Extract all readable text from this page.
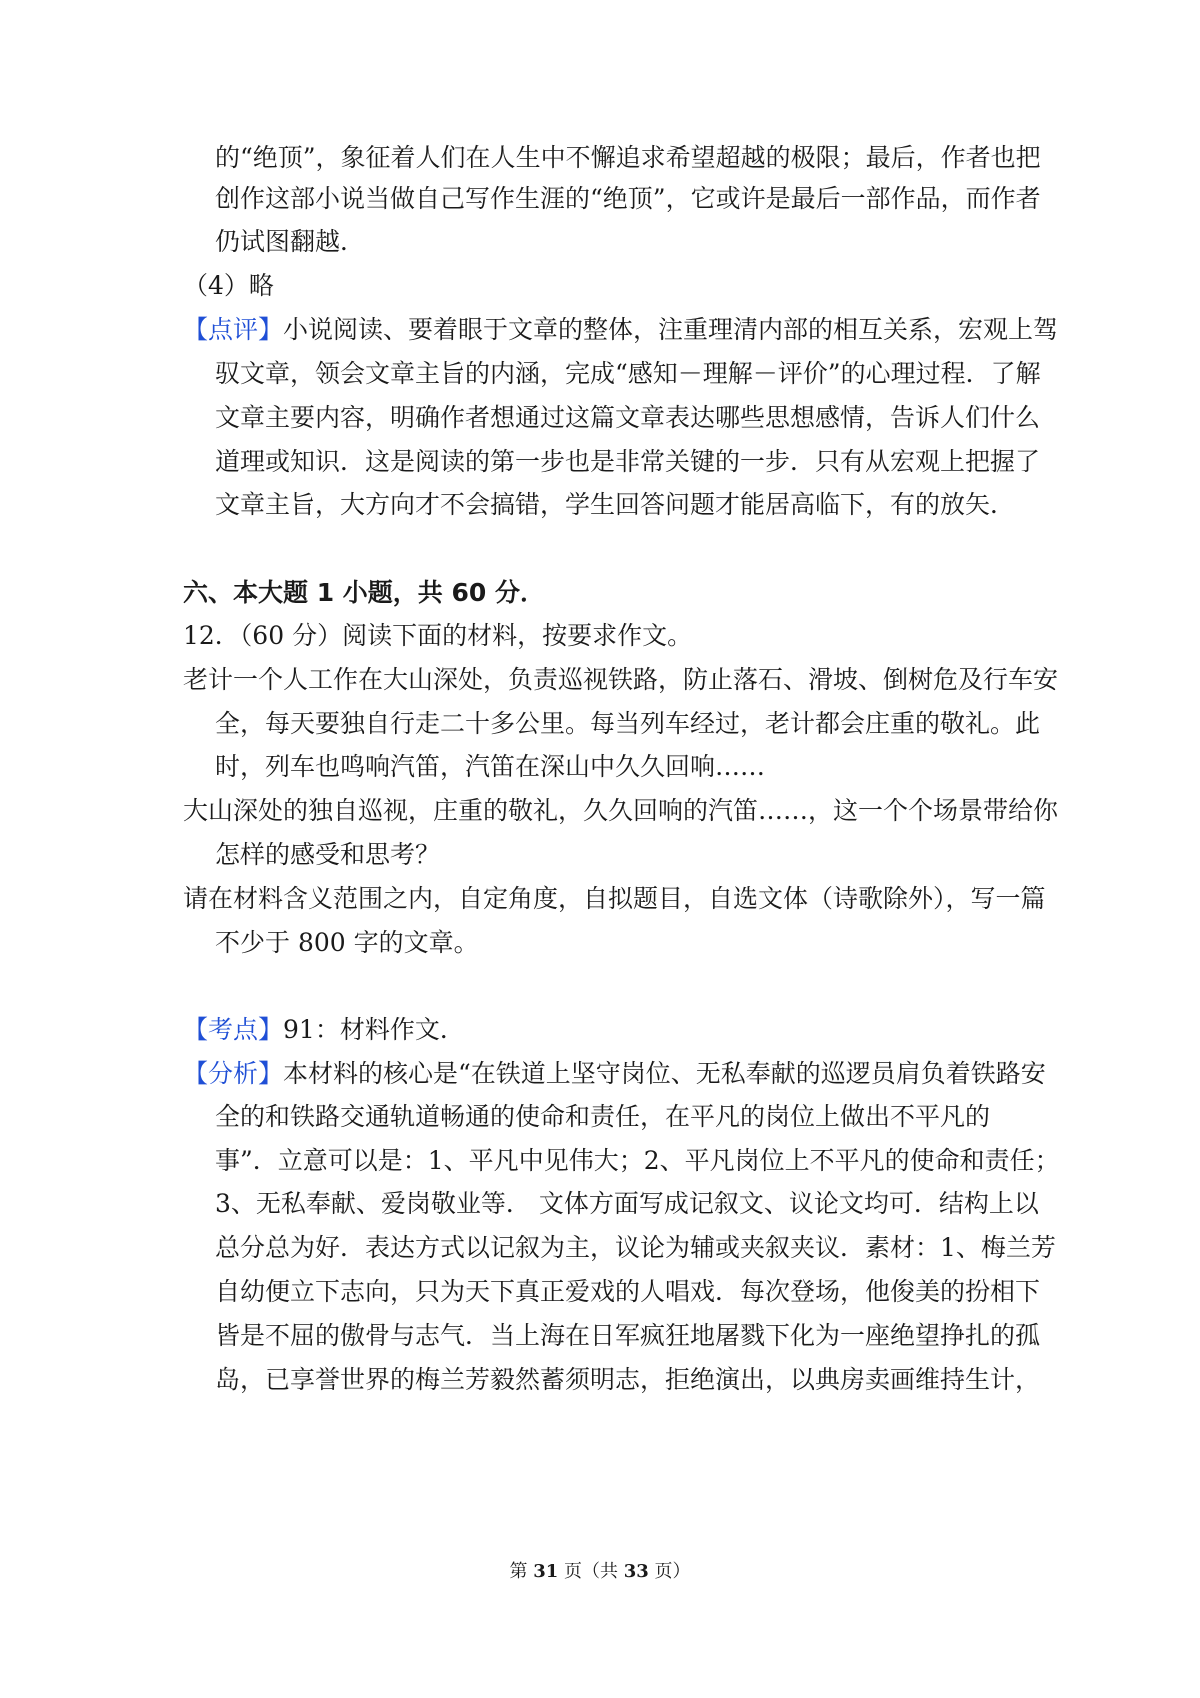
的“绝顶”，象征着人们在人生中不懈追求希望超越的极限；最后，作者也把
创作这部小说当做自己写作生涯的“绝顶”，它或许是最后一部作品，而作者
仍试图翻越．
（4）略
【点评】小说阅读、要着眼于文章的整体，注重理清内部的相互关系，宏观上驾
驭文章，领会文章主旨的内涵，完成“感知－理解－评价”的心理过程．了解
文章主要内容，明确作者想通过这篇文章表达哪些思想感情，告诉人们什么
道理或知识．这是阅读的第一步也是非常关键的一步．只有从宏观上把握了
文章主旨，大方向才不会搞错，学生回答问题才能居高临下，有的放矢．
六、本大题 1 小题，共 60 分．
12．（60 分）阅读下面的材料，按要求作文。
老计一个人工作在大山深处，负责巡视铁路，防止落石、滑坡、倒树危及行车安
全，每天要独自行走二十多公里。每当列车经过，老计都会庄重的敬礼。此
时，列车也鸣响汽笛，汽笛在深山中久久回响……
大山深处的独自巡视，庄重的敬礼，久久回响的汽笛……，这一个个场景带给你
怎样的感受和思考？
请在材料含义范围之内，自定角度，自拟题目，自选文体（诗歌除外），写一篇
不少于 800 字的文章。
【考点】91：材料作文．
【分析】本材料的核心是“在铁道上坚守岗位、无私奉献的巡逻员肩负着铁路安
全的和铁路交通轨道畅通的使命和责任，在平凡的岗位上做出不平凡的
事”．立意可以是：1、平凡中见伟大；2、平凡岗位上不平凡的使命和责任；
3、无私奉献、爱岗敬业等． 文体方面写成记叙文、议论文均可．结构上以
总分总为好．表达方式以记叙为主，议论为辅或夹叙夹议．素材：1、梅兰芳
自幼便立下志向，只为天下真正爱戏的人唱戏．每次登场，他俊美的扮相下
皆是不屈的傲骨与志气．当上海在日军疯狂地屠戮下化为一座绝望挣扎的孤
岛，已享誉世界的梅兰芳毅然蓄须明志，拒绝演出，以典房卖画维持生计，
第 31 页（共 33 页）
